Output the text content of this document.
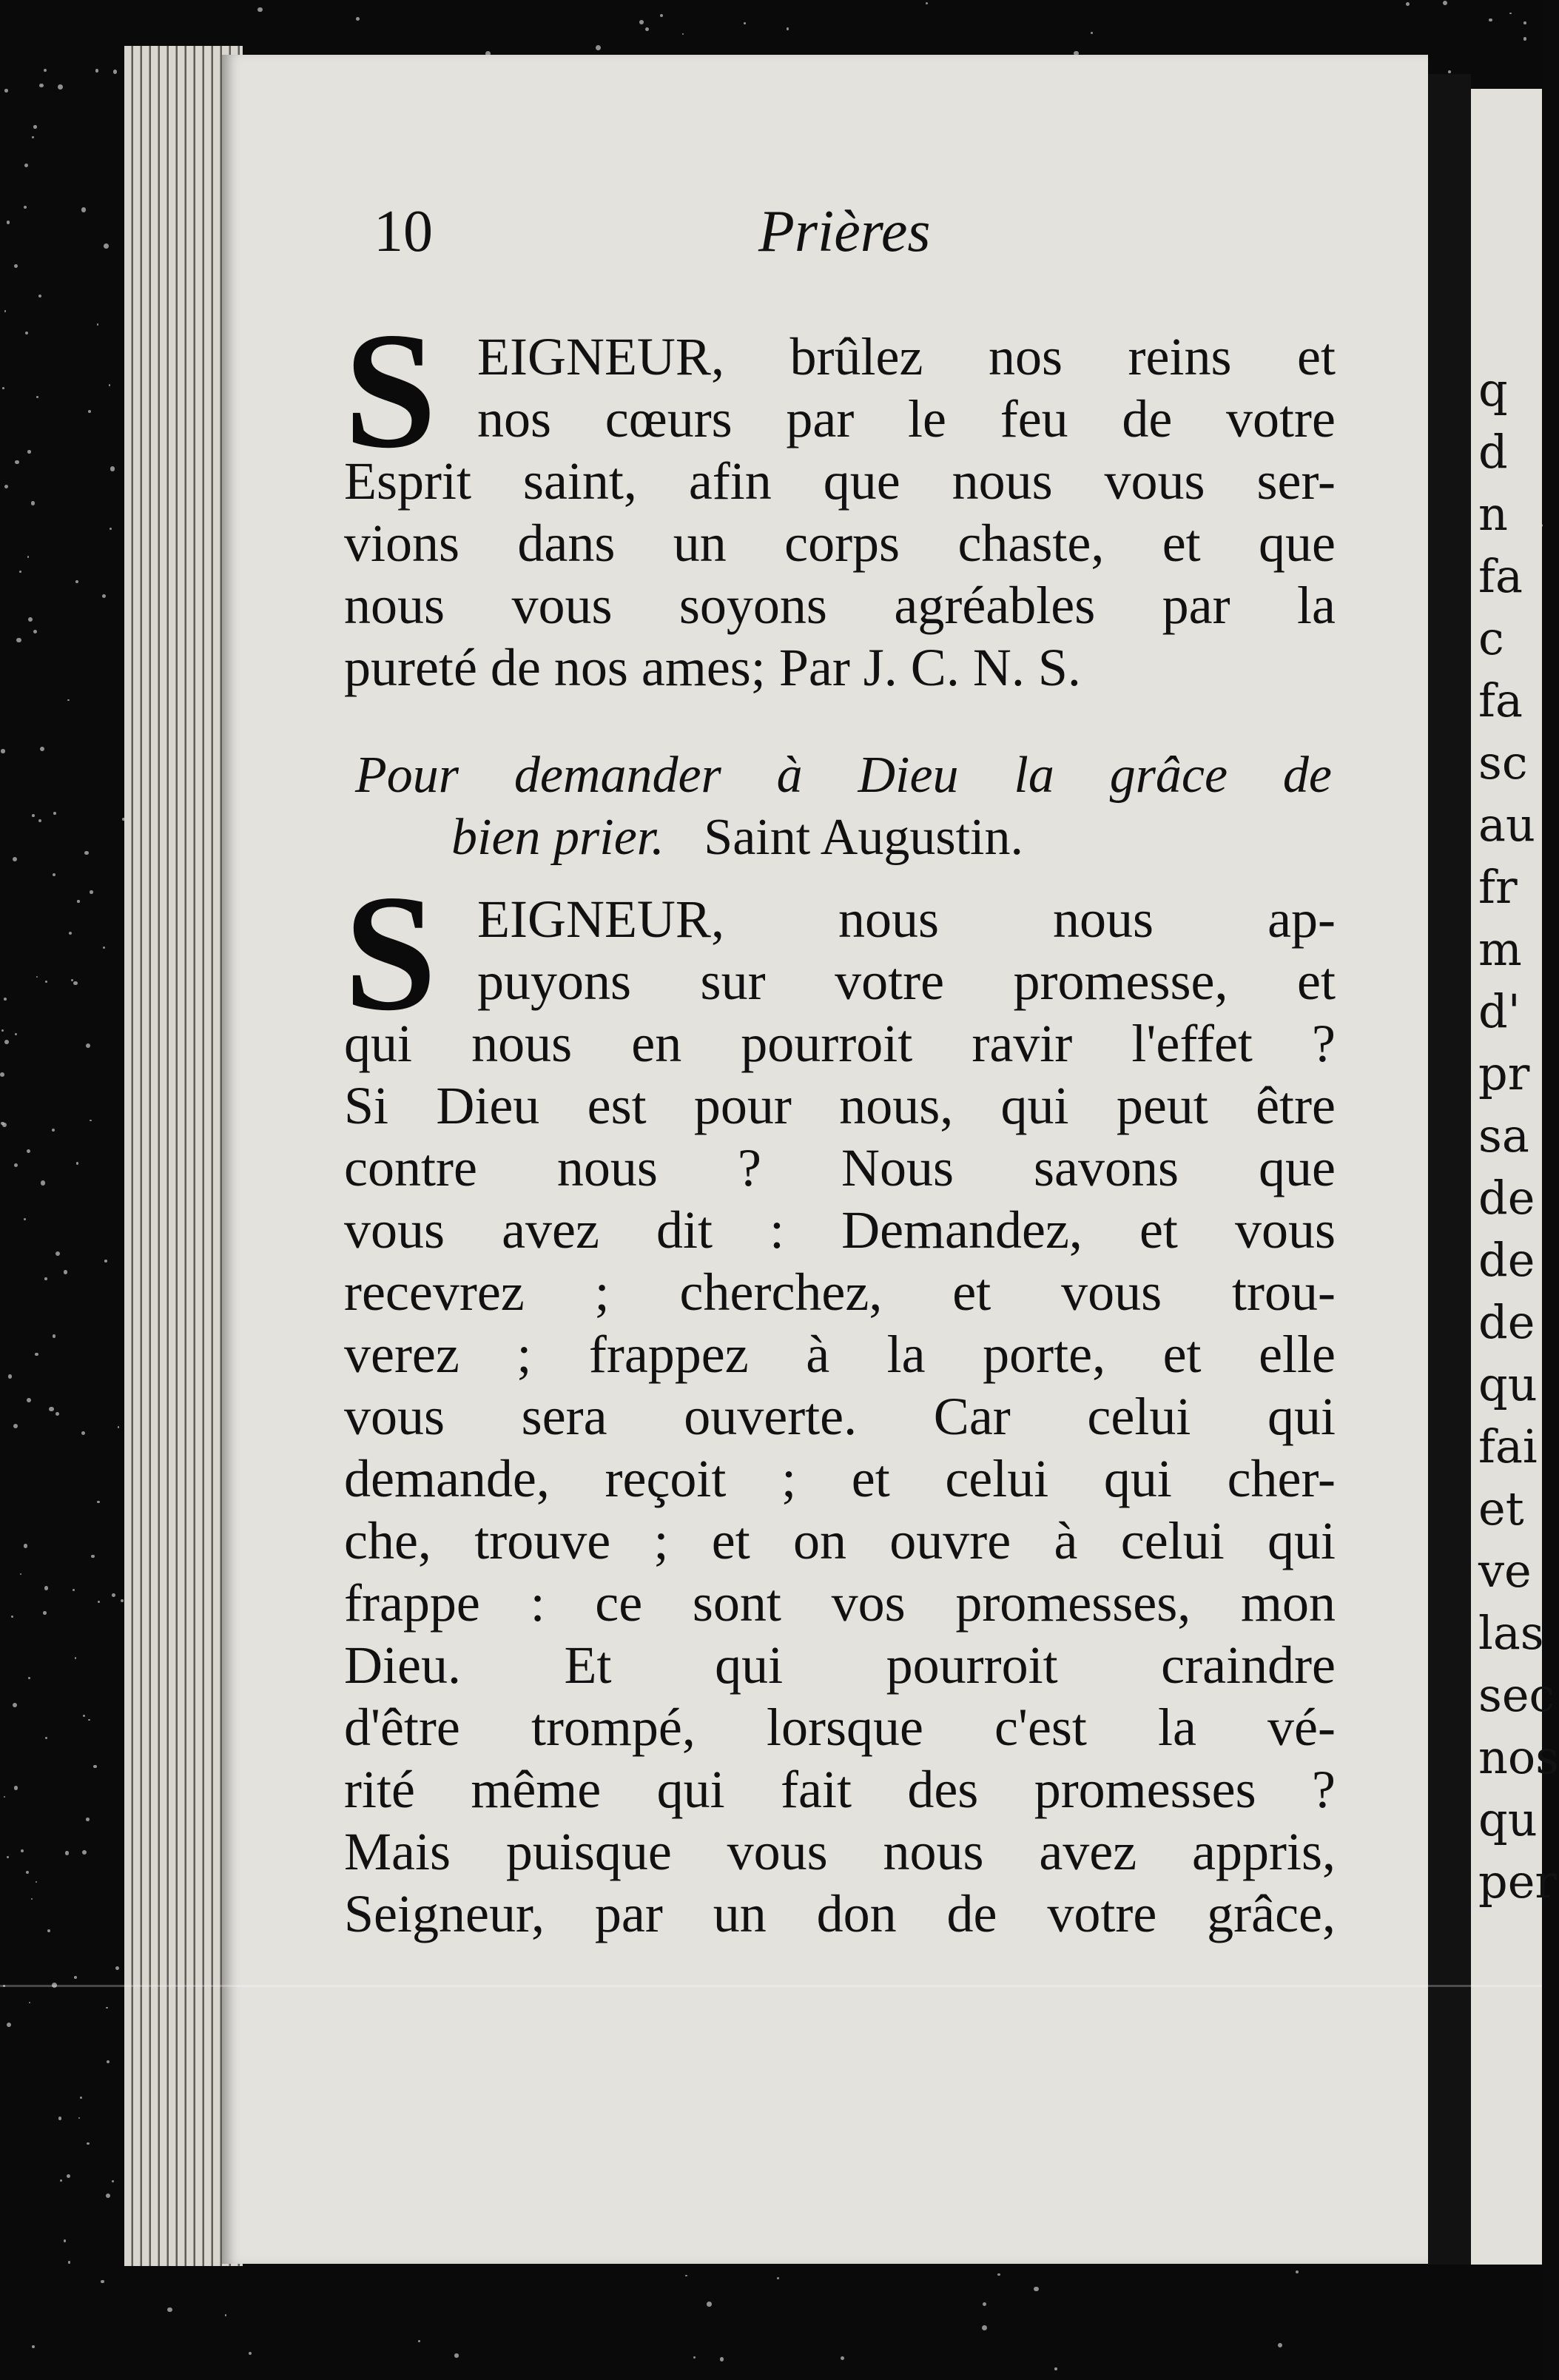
10	Prières
S EIGNEUR, brûlez nos reins et
nos cœurs par le feu de votre
Esprit saint, afin que nous vous ser-
vions dans un corps chaste, et que
nous vous soyons agréables par la
pureté de nos ames; Par J. C. N. S.
Pour demander à Dieu la grâce de
bien prier. Saint Augustin.
S EIGNEUR, nous nous ap-
puyons sur votre promesse, et
qui nous en pourroit ravir l'effet ?
Si Dieu est pour nous, qui peut être
contre nous ? Nous savons que
vous avez dit : Demandez, et vous
recevrez ; cherchez, et vous trou-
verez ; frappez à la porte, et elle
vous sera ouverte. Car celui qui
demande, reçoit ; et celui qui cher-
che, trouve ; et on ouvre à celui qui
frappe : ce sont vos promesses, mon
Dieu. Et qui pourroit craindre
d'être trompé, lorsque c'est la vé-
rité même qui fait des promesses ?
Mais puisque vous nous avez appris,
Seigneur, par un don de votre grâce,
q
d
n
fa
c
fa
sc
au
fr
m
d'
pr
sa
de
de
de
qu
fai
et
ve
las
sec
nos
qu
per
